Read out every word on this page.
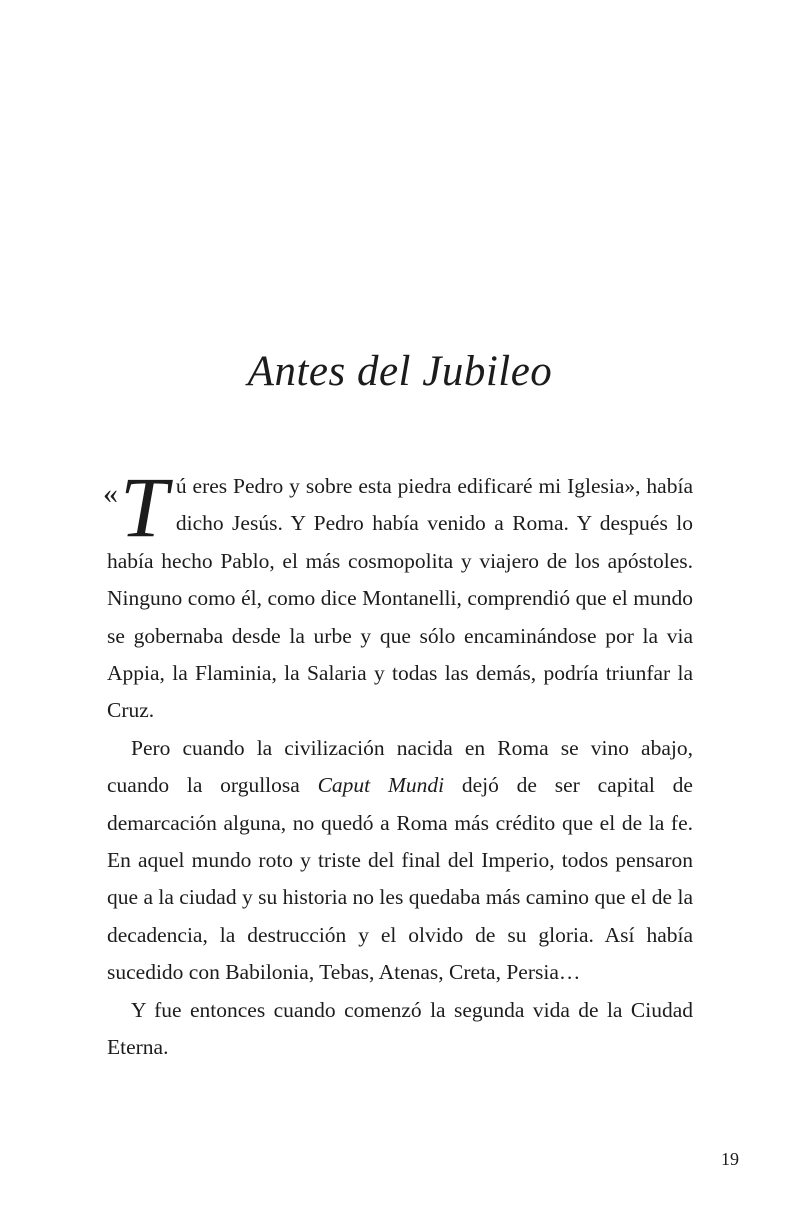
Antes del Jubileo

« T ú eres Pedro y sobre esta piedra edificaré mi Iglesia», había dicho Jesús. Y Pedro había venido a Roma. Y después lo había hecho Pablo, el más cosmopolita y viajero de los apóstoles. Ninguno como él, como dice Montanelli, comprendió que el mundo se gobernaba desde la urbe y que sólo encaminándose por la via Appia, la Flaminia, la Salaria y todas las demás, podría triunfar la Cruz.

Pero cuando la civilización nacida en Roma se vino abajo, cuando la orgullosa Caput Mundi dejó de ser capital de demarcación alguna, no quedó a Roma más crédito que el de la fe. En aquel mundo roto y triste del final del Imperio, todos pensaron que a la ciudad y su historia no les quedaba más camino que el de la decadencia, la destrucción y el olvido de su gloria. Así había sucedido con Babilonia, Tebas, Atenas, Creta, Persia…

Y fue entonces cuando comenzó la segunda vida de la Ciudad Eterna.

19
